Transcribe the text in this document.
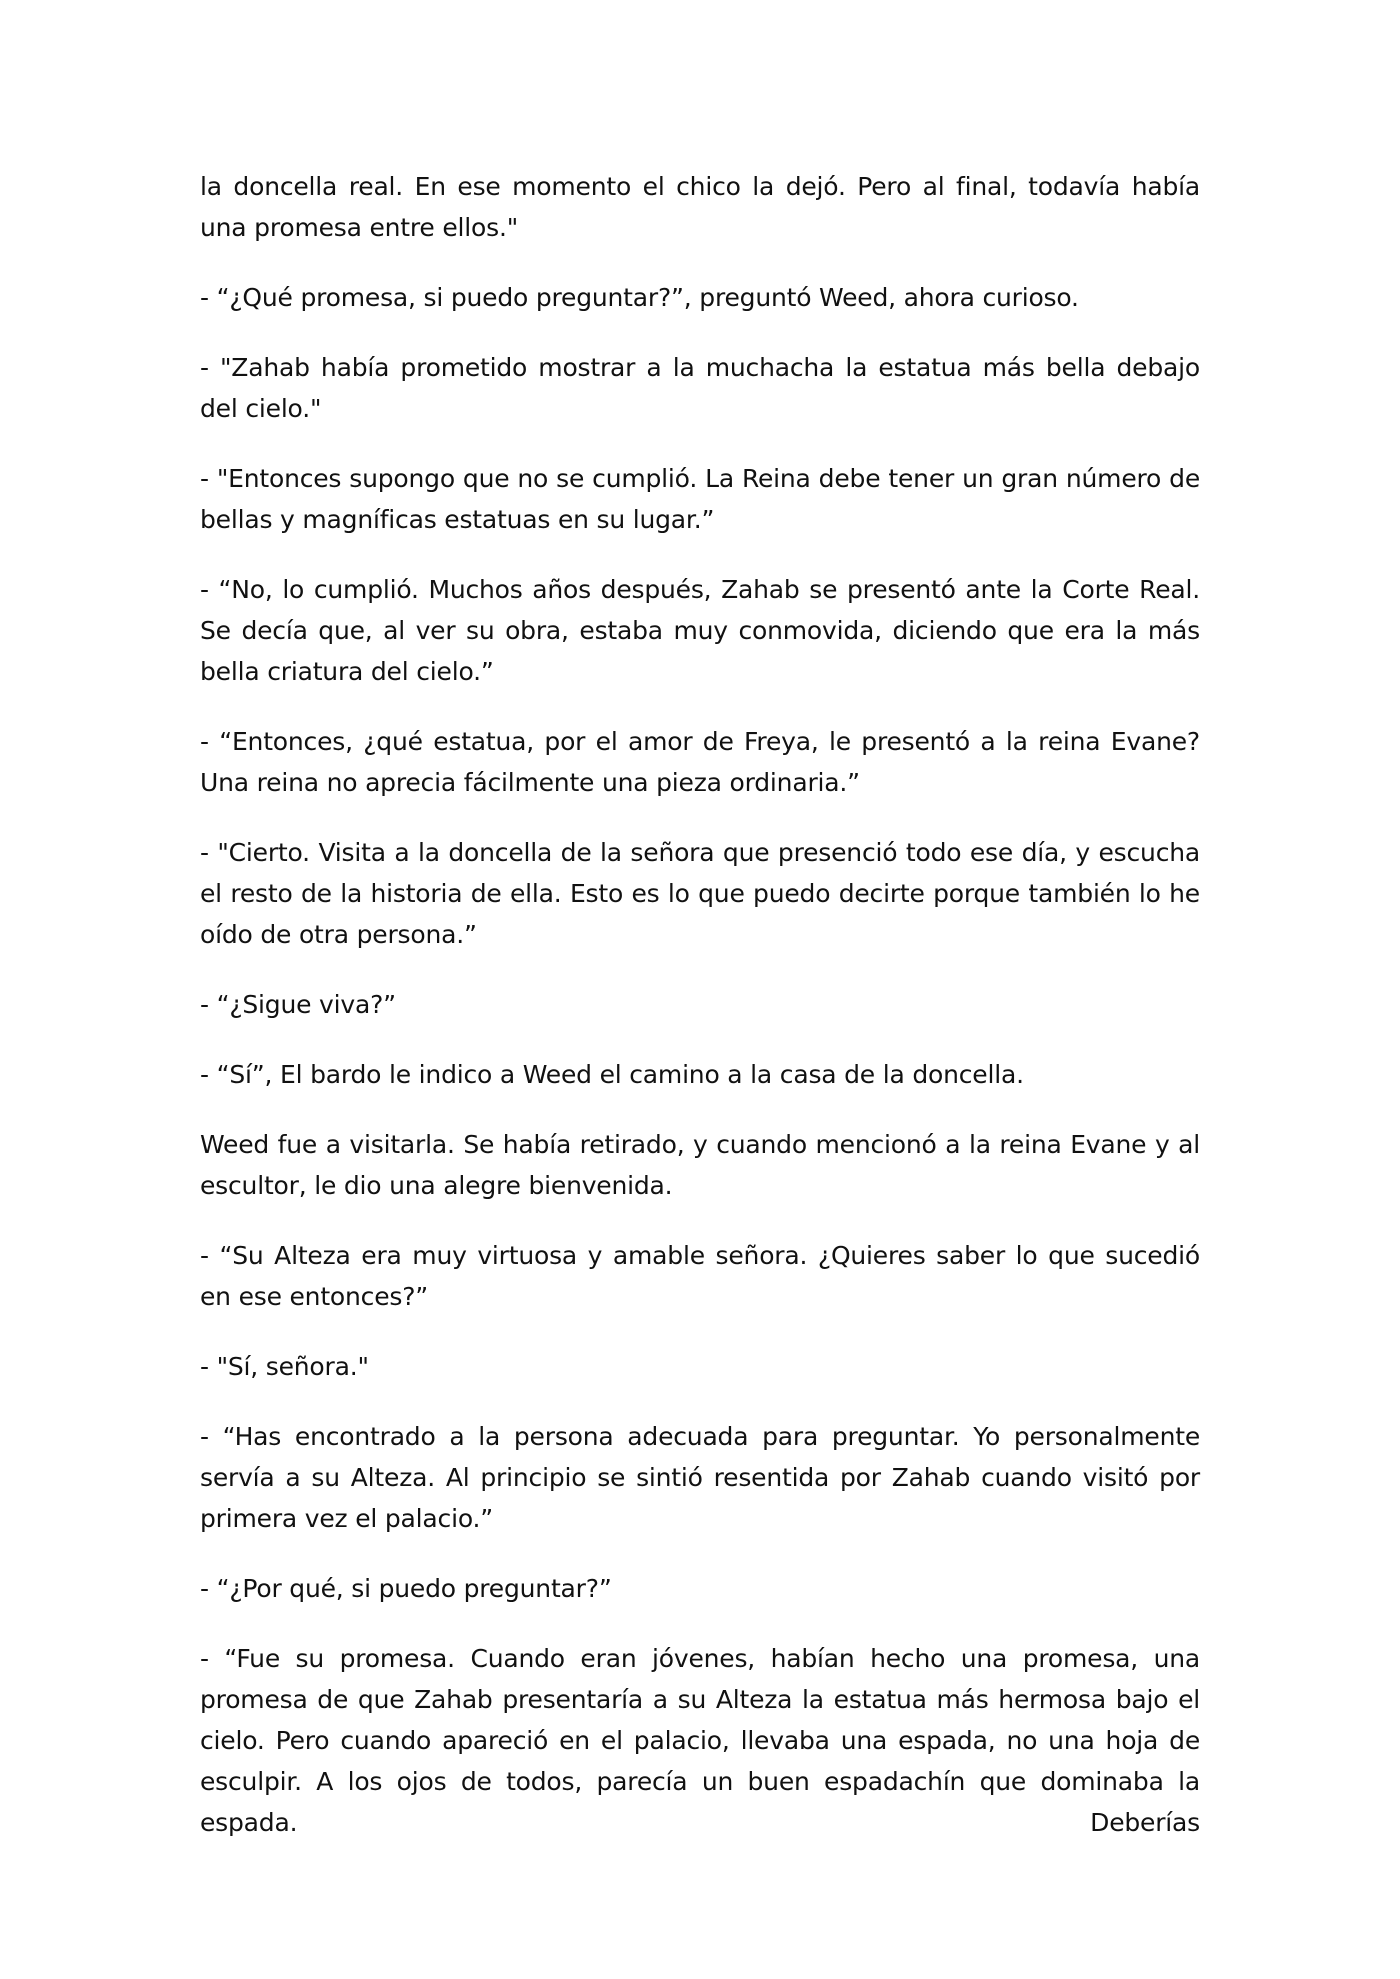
la doncella real. En ese momento el chico la dejó. Pero al final, todavía había una promesa entre ellos."

- “¿Qué promesa, si puedo preguntar?”, preguntó Weed, ahora curioso.

- "Zahab había prometido mostrar a la muchacha la estatua más bella debajo del cielo."

- "Entonces supongo que no se cumplió. La Reina debe tener un gran número de bellas y magníficas estatuas en su lugar.”

- “No, lo cumplió. Muchos años después, Zahab se presentó ante la Corte Real. Se decía que, al ver su obra, estaba muy conmovida, diciendo que era la más bella criatura del cielo.”

- “Entonces, ¿qué estatua, por el amor de Freya, le presentó a la reina Evane? Una reina no aprecia fácilmente una pieza ordinaria.”

- "Cierto. Visita a la doncella de la señora que presenció todo ese día, y escucha el resto de la historia de ella. Esto es lo que puedo decirte porque también lo he oído de otra persona.”

- “¿Sigue viva?”

- “Sí”, El bardo le indico a Weed el camino a la casa de la doncella.

Weed fue a visitarla. Se había retirado, y cuando mencionó a la reina Evane y al escultor, le dio una alegre bienvenida.

- “Su Alteza era muy virtuosa y amable señora. ¿Quieres saber lo que sucedió en ese entonces?”

- "Sí, señora."

- “Has encontrado a la persona adecuada para preguntar. Yo personalmente servía a su Alteza. Al principio se sintió resentida por Zahab cuando visitó por primera vez el palacio.”

- “¿Por qué, si puedo preguntar?”

- “Fue su promesa. Cuando eran jóvenes, habían hecho una promesa, una promesa de que Zahab presentaría a su Alteza la estatua más hermosa bajo el cielo. Pero cuando apareció en el palacio, llevaba una espada, no una hoja de esculpir. A los ojos de todos, parecía un buen espadachín que dominaba la espada. Deberías
